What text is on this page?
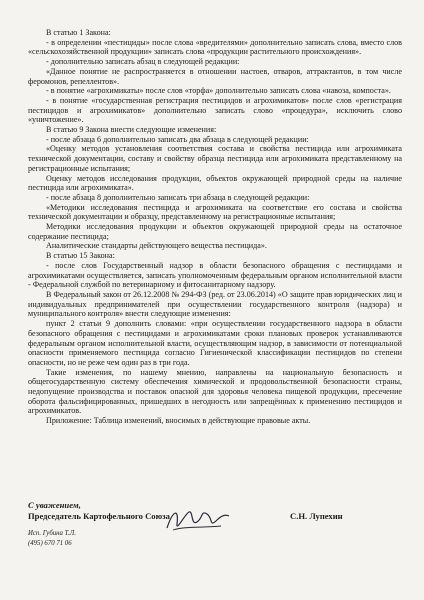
В статью 1 Закона:

- в определении «пестициды» после слова «вредителями» дополнительно записать слова, вместо слов «сельскохозяйственной продукции» записать слова «продукции растительного происхождения».

- дополнительно записать абзац в следующей редакции:

«Данное понятие не распространяется в отношении настоев, отваров, аттрактантов, в том числе феромонов, репеллентов».

- в понятие «агрохимикаты» после слов «торфа» дополнительно записать слова «навоза, компоста».

- в понятие «государственная регистрация пестицидов и агрохимикатов» после слов «регистрация пестицидов и агрохимикатов» дополнительно записать слово «процедура», исключить слово «уничтожение».

В статью 9 Закона внести следующие изменения:

- после абзаца 6 дополнительно записать два абзаца в следующей редакции:

«Оценку методов установления соответствия состава и свойства пестицида или агрохимиката технической документации, составу и свойству образца пестицида или агрохимиката представленному на регистрационные испытания;

Оценку методов исследования продукции, объектов окружающей природной среды на наличие пестицида или агрохимиката».

- после абзаца 8 дополнительно записать три абзаца в следующей редакции:

«Методики исследования пестицида и агрохимиката на соответствие его состава и свойства технической документации и образцу, представленному на регистрационные испытания;

Методики исследования продукции и объектов окружающей природной среды на остаточное содержание пестицида;

Аналитические стандарты действующего вещества пестицида».

В статью 15 Закона:

- после слов Государственный надзор в области безопасного обращения с пестицидами и агрохимикатами осуществляется, записать уполномоченным федеральным органом исполнительной власти - Федеральной службой по ветеринарному и фитосанитарному надзору.

В Федеральный закон от 26.12.2008 № 294-ФЗ (ред. от 23.06.2014) «О защите прав юридических лиц и индивидуальных предпринимателей при осуществлении государственного контроля (надзора) и муниципального контроля» внести следующие изменения:

пункт 2 статьи 9 дополнить словами: «при осуществлении государственного надзора в области безопасного обращения с пестицидами и агрохимикатами сроки плановых проверок устанавливаются федеральным органом исполнительной власти, осуществляющим надзор, в зависимости от потенциальной опасности применяемого пестицида согласно Гигиенической классификации пестицидов по степени опасности, но не реже чем один раз в три года.

Такие изменения, по нашему мнению, направлены на национальную безопасность и общегосударственную систему обеспечения химической и продовольственной безопасности страны, недопущение производства и поставок опасной для здоровья человека пищевой продукции, пресечение оборота фальсифицированных, пришедших в негодность или запрещённых к применению пестицидов и агрохимикатов.

Приложение: Таблица изменений, вносимых в действующие правовые акты.

С уважением,
Председатель Картофельного Союза	С.Н. Лупехин
Исп. Губина Т.Л.
(495) 670 71 06
